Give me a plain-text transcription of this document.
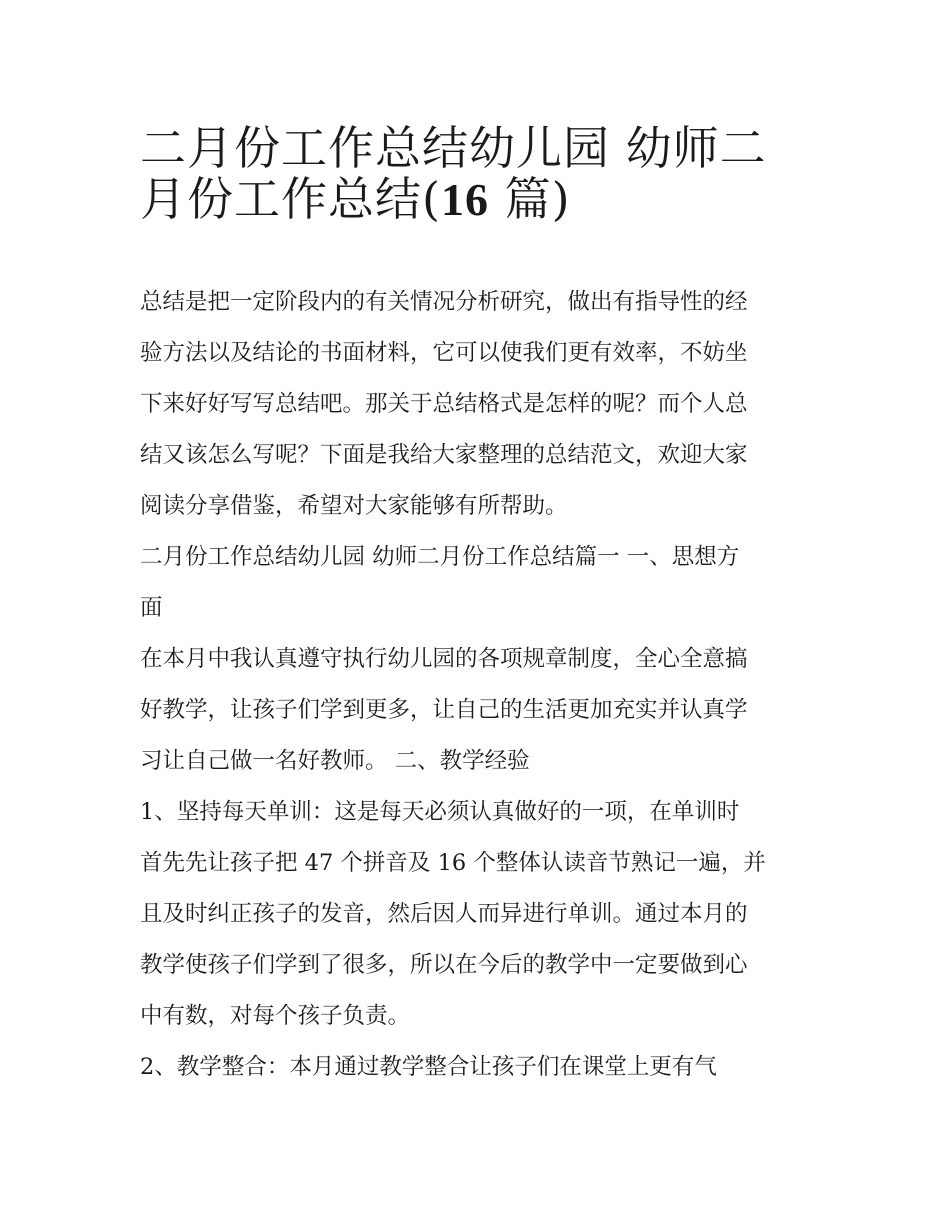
二月份工作总结幼儿园 幼师二
月份工作总结(16 篇)
总结是把一定阶段内的有关情况分析研究，做出有指导性的经
验方法以及结论的书面材料，它可以使我们更有效率，不妨坐
下来好好写写总结吧。那关于总结格式是怎样的呢？而个人总
结又该怎么写呢？下面是我给大家整理的总结范文，欢迎大家
阅读分享借鉴，希望对大家能够有所帮助。
二月份工作总结幼儿园 幼师二月份工作总结篇一 一、思想方
面
在本月中我认真遵守执行幼儿园的各项规章制度，全心全意搞
好教学，让孩子们学到更多，让自己的生活更加充实并认真学
习让自己做一名好教师。 二、教学经验
1、坚持每天单训：这是每天必须认真做好的一项，在单训时
首先先让孩子把 47 个拼音及 16 个整体认读音节熟记一遍，并
且及时纠正孩子的发音，然后因人而异进行单训。通过本月的
教学使孩子们学到了很多，所以在今后的教学中一定要做到心
中有数，对每个孩子负责。
2、教学整合：本月通过教学整合让孩子们在课堂上更有气
